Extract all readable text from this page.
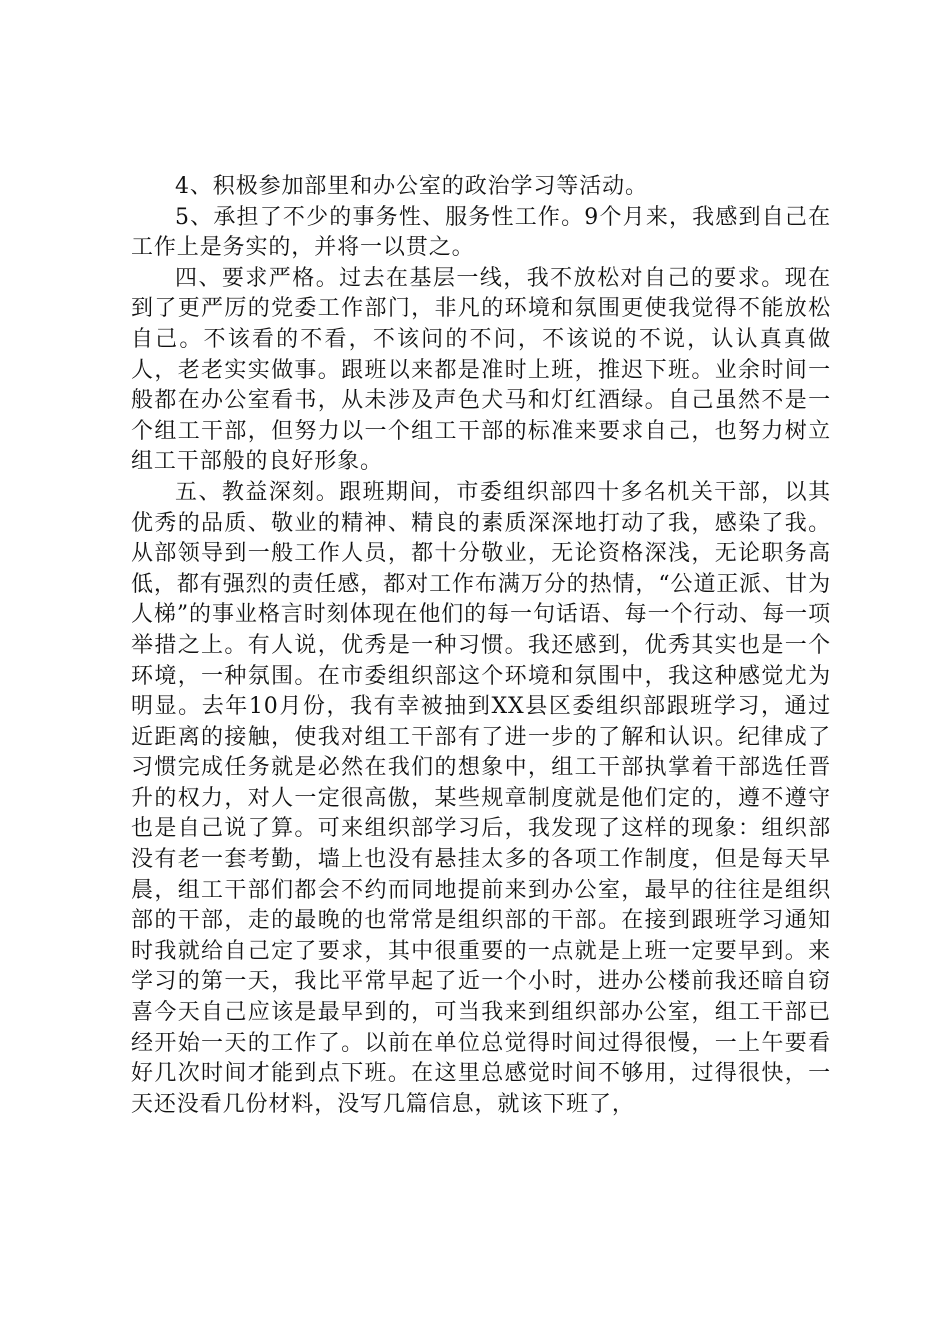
4、积极参加部里和办公室的政治学习等活动。

5、承担了不少的事务性、服务性工作。9个月来，我感到自己在工作上是务实的，并将一以贯之。

四、要求严格。过去在基层一线，我不放松对自己的要求。现在到了更严厉的党委工作部门，非凡的环境和氛围更使我觉得不能放松自己。不该看的不看，不该问的不问，不该说的不说，认认真真做人，老老实实做事。跟班以来都是准时上班，推迟下班。业余时间一般都在办公室看书，从未涉及声色犬马和灯红酒绿。自己虽然不是一个组工干部，但努力以一个组工干部的标准来要求自己，也努力树立组工干部般的良好形象。

五、教益深刻。跟班期间，市委组织部四十多名机关干部，以其优秀的品质、敬业的精神、精良的素质深深地打动了我，感染了我。从部领导到一般工作人员，都十分敬业，无论资格深浅，无论职务高低，都有强烈的责任感，都对工作布满万分的热情，“公道正派、甘为人梯”的事业格言时刻体现在他们的每一句话语、每一个行动、每一项举措之上。有人说，优秀是一种习惯。我还感到，优秀其实也是一个环境，一种氛围。在市委组织部这个环境和氛围中，我这种感觉尤为明显。去年10月份，我有幸被抽到XX县区委组织部跟班学习，通过近距离的接触，使我对组工干部有了进一步的了解和认识。纪律成了习惯完成任务就是必然在我们的想象中，组工干部执掌着干部选任晋升的权力，对人一定很高傲，某些规章制度就是他们定的，遵不遵守也是自己说了算。可来组织部学习后，我发现了这样的现象：组织部没有老一套考勤，墙上也没有悬挂太多的各项工作制度，但是每天早晨，组工干部们都会不约而同地提前来到办公室，最早的往往是组织部的干部，走的最晚的也常常是组织部的干部。在接到跟班学习通知时我就给自己定了要求，其中很重要的一点就是上班一定要早到。来学习的第一天，我比平常早起了近一个小时，进办公楼前我还暗自窃喜今天自己应该是最早到的，可当我来到组织部办公室，组工干部已经开始一天的工作了。以前在单位总觉得时间过得很慢，一上午要看好几次时间才能到点下班。在这里总感觉时间不够用，过得很快，一天还没看几份材料，没写几篇信息，就该下班了，
